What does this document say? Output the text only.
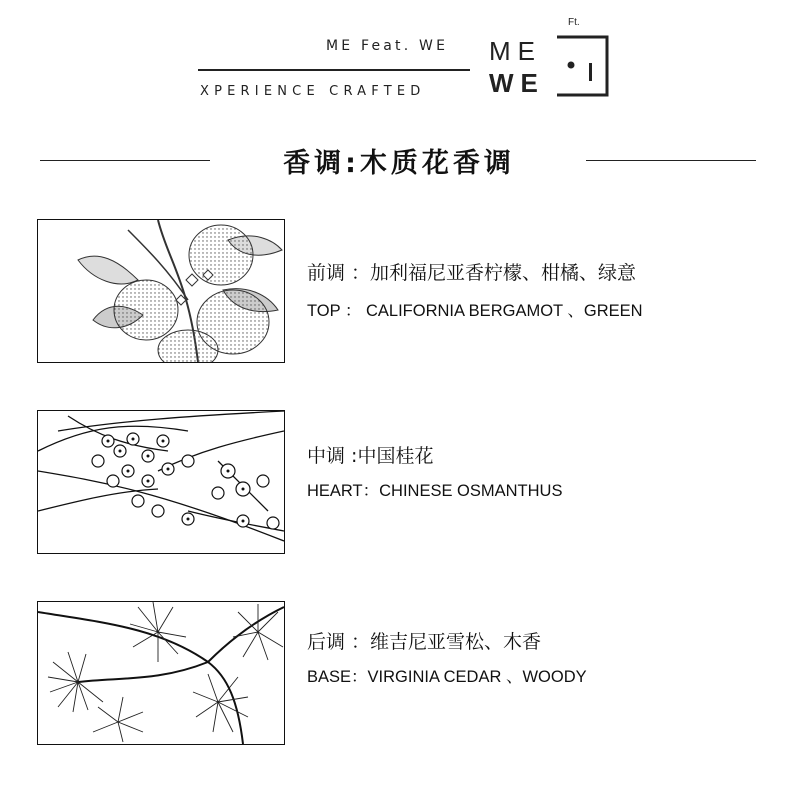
ME Feat. WE
XPERIENCE CRAFTED
Ft.
ME
WE
香调:木质花香调
前调 ：加利福尼亚香柠檬、柑橘、绿意
TOP ： CALIFORNIA BERGAMOT 、GREEN
中调 :中国桂花
HEART：CHINESE OSMANTHUS
后调 ：维吉尼亚雪松、木香
BASE：VIRGINIA CEDAR 、WOODY
